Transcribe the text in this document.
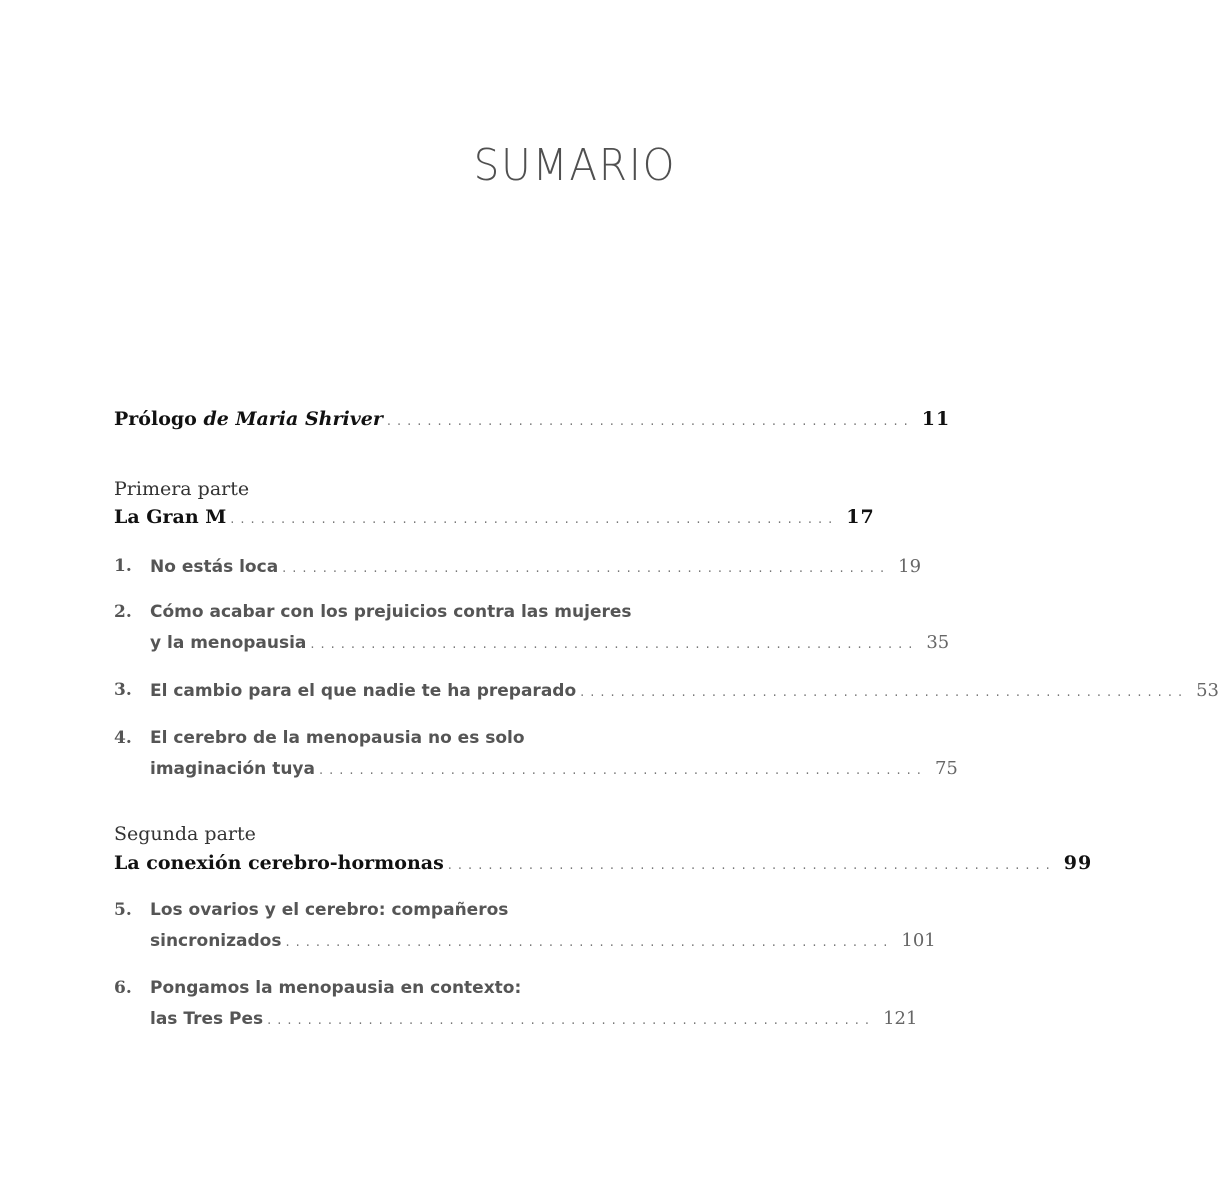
SUMARIO
Prólogo de Maria Shriver .................................................... 11
Primera parte
La Gran M ............................................................ 17
1. No estás loca ............................................................ 19
2. Cómo acabar con los prejuicios contra las mujeres
y la menopausia ............................................................ 35
3. El cambio para el que nadie te ha preparado ............................................................ 53
4. El cerebro de la menopausia no es solo
imaginación tuya ............................................................ 75
Segunda parte
La conexión cerebro-hormonas ............................................................ 99
5. Los ovarios y el cerebro: compañeros
sincronizados ............................................................ 101
6. Pongamos la menopausia en contexto:
las Tres Pes ............................................................ 121
